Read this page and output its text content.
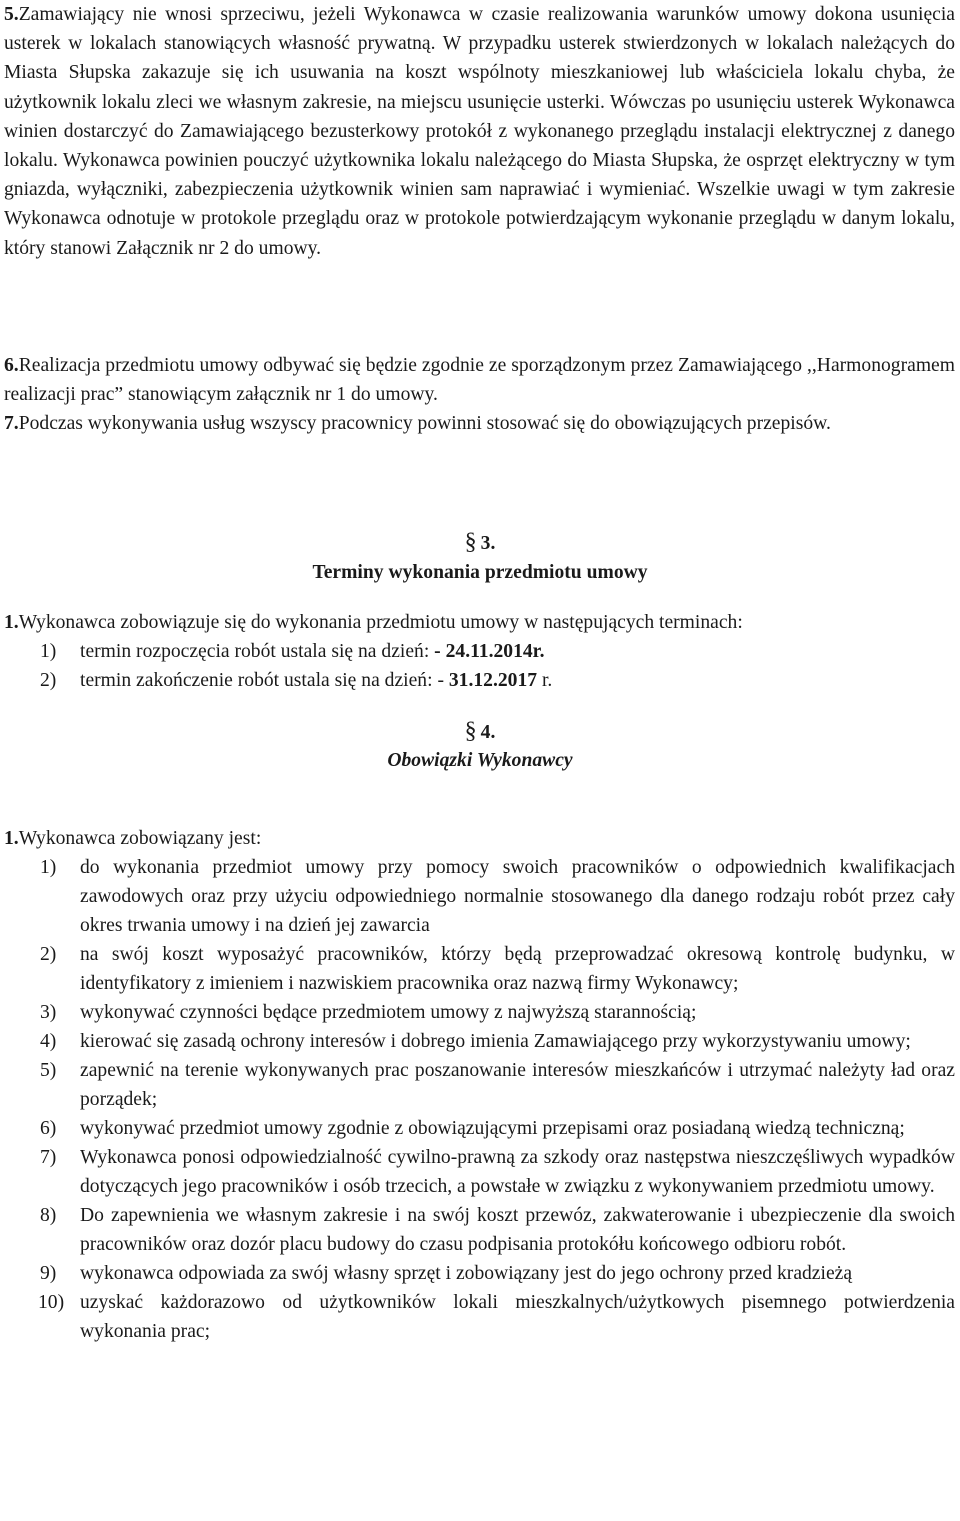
5.Zamawiający nie wnosi sprzeciwu, jeżeli Wykonawca w czasie realizowania warunków umowy dokona usunięcia usterek w lokalach stanowiących własność prywatną. W przypadku usterek stwierdzonych w lokalach należących do Miasta Słupska zakazuje się ich usuwania na koszt wspólnoty mieszkaniowej lub właściciela lokalu chyba, że użytkownik lokalu zleci we własnym zakresie, na miejscu usunięcie usterki. Wówczas po usunięciu usterek Wykonawca winien dostarczyć do Zamawiającego bezusterkowy protokół z wykonanego przeglądu instalacji elektrycznej z danego lokalu. Wykonawca powinien pouczyć użytkownika lokalu należącego do Miasta Słupska, że osprzęt elektryczny w tym gniazda, wyłączniki, zabezpieczenia użytkownik winien sam naprawiać i wymieniać. Wszelkie uwagi w tym zakresie Wykonawca odnotuje w protokole przeglądu oraz w protokole potwierdzającym wykonanie przeglądu w danym lokalu, który stanowi Załącznik nr 2 do umowy.
6.Realizacja przedmiotu umowy odbywać się będzie zgodnie ze sporządzonym przez Zamawiającego ,,Harmonogramem realizacji prac” stanowiącym załącznik nr 1 do umowy.
7.Podczas wykonywania usług wszyscy pracownicy powinni stosować się do obowiązujących przepisów.
§ 3.
Terminy wykonania przedmiotu umowy
1.Wykonawca zobowiązuje się do wykonania przedmiotu umowy w następujących terminach:
1) termin rozpoczęcia robót ustala się na dzień: - 24.11.2014r.
2) termin zakończenie robót ustala się na dzień: - 31.12.2017 r.
§ 4.
Obowiązki Wykonawcy
1.Wykonawca zobowiązany jest:
1) do wykonania przedmiot umowy przy pomocy swoich pracowników o odpowiednich kwalifikacjach zawodowych oraz przy użyciu odpowiedniego normalnie stosowanego dla danego rodzaju robót przez cały okres trwania umowy i na dzień jej zawarcia
2) na swój koszt wyposażyć pracowników, którzy będą przeprowadzać okresową kontrolę budynku, w identyfikatory z imieniem i nazwiskiem pracownika oraz nazwą firmy Wykonawcy;
3) wykonywać czynności będące przedmiotem umowy z najwyższą starannością;
4) kierować się zasadą ochrony interesów i dobrego imienia Zamawiającego przy wykorzystywaniu umowy;
5) zapewnić na terenie wykonywanych prac poszanowanie interesów mieszkańców i utrzymać należyty ład oraz porządek;
6) wykonywać przedmiot umowy zgodnie z obowiązującymi przepisami oraz posiadaną wiedzą techniczną;
7) Wykonawca ponosi odpowiedzialność cywilno-prawną za szkody oraz następstwa nieszczęśliwych wypadków dotyczących jego pracowników i osób trzecich, a powstałe w związku z wykonywaniem przedmiotu umowy.
8) Do zapewnienia we własnym zakresie i na swój koszt przewóz, zakwaterowanie i ubezpieczenie dla swoich pracowników oraz dozór placu budowy do czasu podpisania protokółu końcowego odbioru robót.
9) wykonawca odpowiada za swój własny sprzęt i zobowiązany jest do jego ochrony przed kradzieżą
10) uzyskać każdorazowo od użytkowników lokali mieszkalnych/użytkowych pisemnego potwierdzenia wykonania prac;
